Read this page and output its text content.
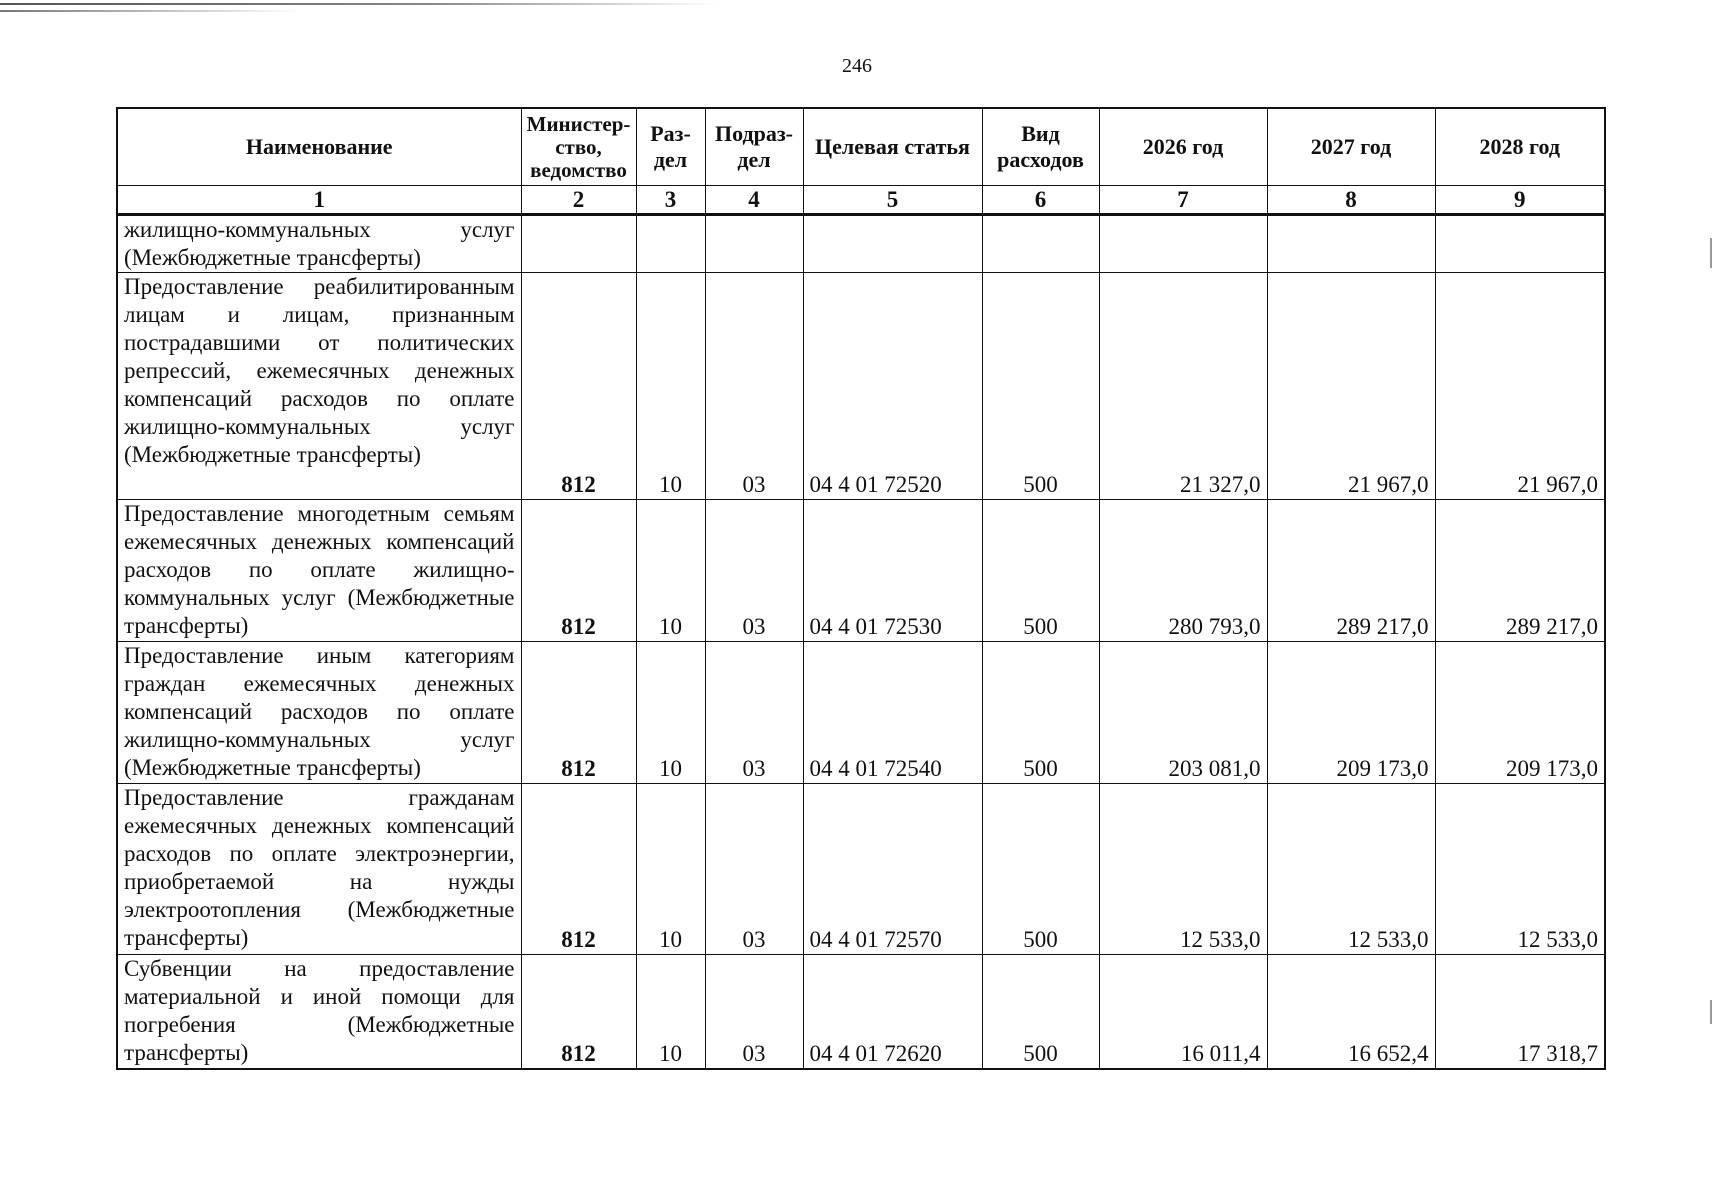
246
Наименование	Министер-ство, ведомство	Раз-дел	Подраз-дел	Целевая статья	Вид расходов	2026 год	2027 год	2028 год
1	2	3	4	5	6	7	8	9
жилищно-коммунальных услуг (Межбюджетные трансферты)								
Предоставление реабилитированным лицам и лицам, признанным пострадавшими от политических репрессий, ежемесячных денежных компенсаций расходов по оплате жилищно-коммунальных услуг (Межбюджетные трансферты)	812	10	03	04 4 01 72520	500	21 327,0	21 967,0	21 967,0
Предоставление многодетным семьям ежемесячных денежных компенсаций расходов по оплате жилищно-коммунальных услуг (Межбюджетные трансферты)	812	10	03	04 4 01 72530	500	280 793,0	289 217,0	289 217,0
Предоставление иным категориям граждан ежемесячных денежных компенсаций расходов по оплате жилищно-коммунальных услуг (Межбюджетные трансферты)	812	10	03	04 4 01 72540	500	203 081,0	209 173,0	209 173,0
Предоставление гражданам ежемесячных денежных компенсаций расходов по оплате электроэнергии, приобретаемой на нужды электроотопления (Межбюджетные трансферты)	812	10	03	04 4 01 72570	500	12 533,0	12 533,0	12 533,0
Субвенции на предоставление материальной и иной помощи для погребения (Межбюджетные трансферты)	812	10	03	04 4 01 72620	500	16 011,4	16 652,4	17 318,7
